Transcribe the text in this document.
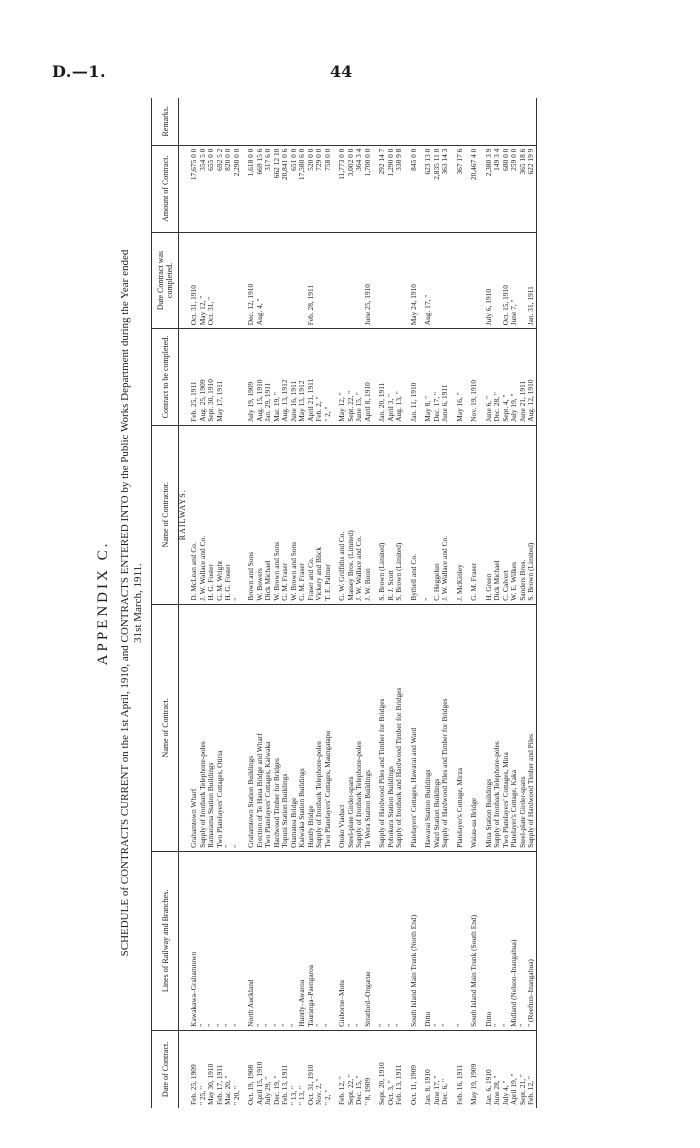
D.—1.	44
APPENDIX C. SCHEDULE of CONTRACTS CURRENT on the 1st April, 1910, and CONTRACTS ENTERED INTO by the Public Works Department during the Year ended 31st March, 1911.
Date of Contract.	Lines of Railway and Branches.	Name of Contract.	Name of Contractor.	Contract to be completed.	Date Contract was completed.	Amount of Contract.	Remarks.
			RAILWAYS.				
Feb. 25, 1909	Kawakawa–Grahamtown	Grahamtown Wharf	D. McLean and Co.	Feb. 25, 1911	Oct. 31, 1910	17,675 0 0	
" 25, "	"	Supply of Ironbark Telephone-poles	J. W. Wallace and Co.	Aug. 25, 1909	May 12, "	354 5 0	
May 30, 1910	"	Ramarama Station Buildings	H. G. Foster	Sept. 30, 1910	Oct. 31, "	655 0 0	
Feb. 17, 1911	"	Two Platelayers' Cottages, Otiria	G. M. Wright	May 17, 1911		692 5 2	
Mar. 20, "	"	"	H. G. Foster			820 0 0	
" 20, "	"	"	"			2,290 0 0	

Oct. 19, 1908	North Auckland	Grahamtown Station Buildings	Brown and Sons	July 19, 1909	Dec. 12, 1910	1,618 0 0	
April 15, 1910	"	Erection of Te Hana Bridge and Wharf	W. Bowers	Aug. 15, 1910	Aug. 4, "	669 15 6	
July 29, "	"	Two Platelayers' Cottages, Kaiwaka	Dick Michael	Jan. 29, 1911		317 6 0	
Dec. 19, "	"	Hardwood Timber for Bridges	W. Brown and Sons	Mar. 19, "		662 12 10	
Feb. 13, 1911	"	Topuni Station Buildings	G. M. Fraser	Aug. 13, 1912		20,841 0 6	
" 13, "	"	Otamatea Bridge	W. Brown and Sons	June 16, 1911		651 0 0	
" 13, "	Huntly–Awaroa	Kaiwaka Station Buildings	G. M. Fraser	May 13, 1912		17,580 6 0	
Oct. 31, 1910	Tauranga–Paengaroa	Huntly Bridge	Fraser and Co.	April 21, 1911	Feb. 28, 1911	520 0 0	
Nov. 2, "	"	Supply of Ironbark Telephone-poles	Vickery and Blick	Feb. 2, "		729 0 0	
" 2, "	"	Two Platelayers' Cottages, Maungatapu	T. E. Palmer	" 2, "		758 0 0	

Feb. 12, "	Gisborne–Motu	Otoko Viaduct	G. W. Griffiths and Co.	May 12, "		11,773 0 0	
Sept. 22, "	"	Steel-plate Girder-spans	Massey Bros. (Limited)	Sept. 22, "		3,002 0 0	
Dec. 15, "	"	Supply of Ironbark Telephone-poles	J. W. Wallace and Co.	June 15, "		364 3 4	
" 8, 1909	Stratford–Ongarue	Te Wera Station Buildings	J. W. Boon	April 8, 1910	June 25, 1910	1,700 0 0	

Sept. 20, 1910	"	Supply of Hardwood Piles and Timber for Bridges	S. Brown (Limited)	Jan. 20, 1911		292 14 7	
Oct. 3, "	"	Pohokura Station Buildings	R. J. Scott	April 3, "		1,290 0 0	
Feb. 13, 1911	"	Supply of Ironbark and Hardwood Timber for Bridges	S. Brown (Limited)	Aug. 13, "		338 9 8	

Oct. 11, 1909	South Island Main Trunk (North End)	Platelayers' Cottages, Hawarai and Ward	Bythell and Co.	Jan. 11, 1910	May 24, 1910	845 0 0	

Jan. 8, 1910	Ditto	Hawarai Station Buildings	"	May 8, "	Aug. 17, "	623 13 0	
June 17, "	"	Ward Station Buildings	C. Heggelun	Dec. 17, "		2,835 11 0	
Dec. 6, "	"	Supply of Hardwood Piles and Timber for Bridges	J. W. Wallace and Co.	June 6, 1911		363 14 3	

Feb. 16, 1911	"	Platelayer's Cottage, Mirza	J. McKinley	May 16, "		367 17 6	

May 19, 1909	South Island Main Trunk (South End)	Waiau-ua Bridge	G. M. Fraser	Nov. 19, 1910		20,467 4 0	

Jan. 6, 1910	Ditto	Mina Station Buildings	H. Green	June 6, "	July 6, 1910	2,380 3 9	
June 28, "	"	Supply of Ironbark Telephone-poles	Dick Michael	Dec. 28, "		149 3 4	
July 4, "	"	Two Platelayers' Cottages, Mina	C. Calvert	Sept. 4, "	Oct. 15, 1910	680 0 0	
April 19, "	Midland (Nelson–Inangahua)	Platelayer's Cottage, Kaka	W. E. Wilkes	July 19, "	June 7, "	259 0 0	
Sept. 21, "	"	Steel-plate Girder-spans	Sanders Bros.	June 21, 1911		365 18 6	
Feb. 12, "	" (Reefton–Inangahua)	Supply of Hardwood Timber and Piles	S. Brown (Limited)	Aug. 12, 1910	Jan. 31, 1911	622 19 9	
